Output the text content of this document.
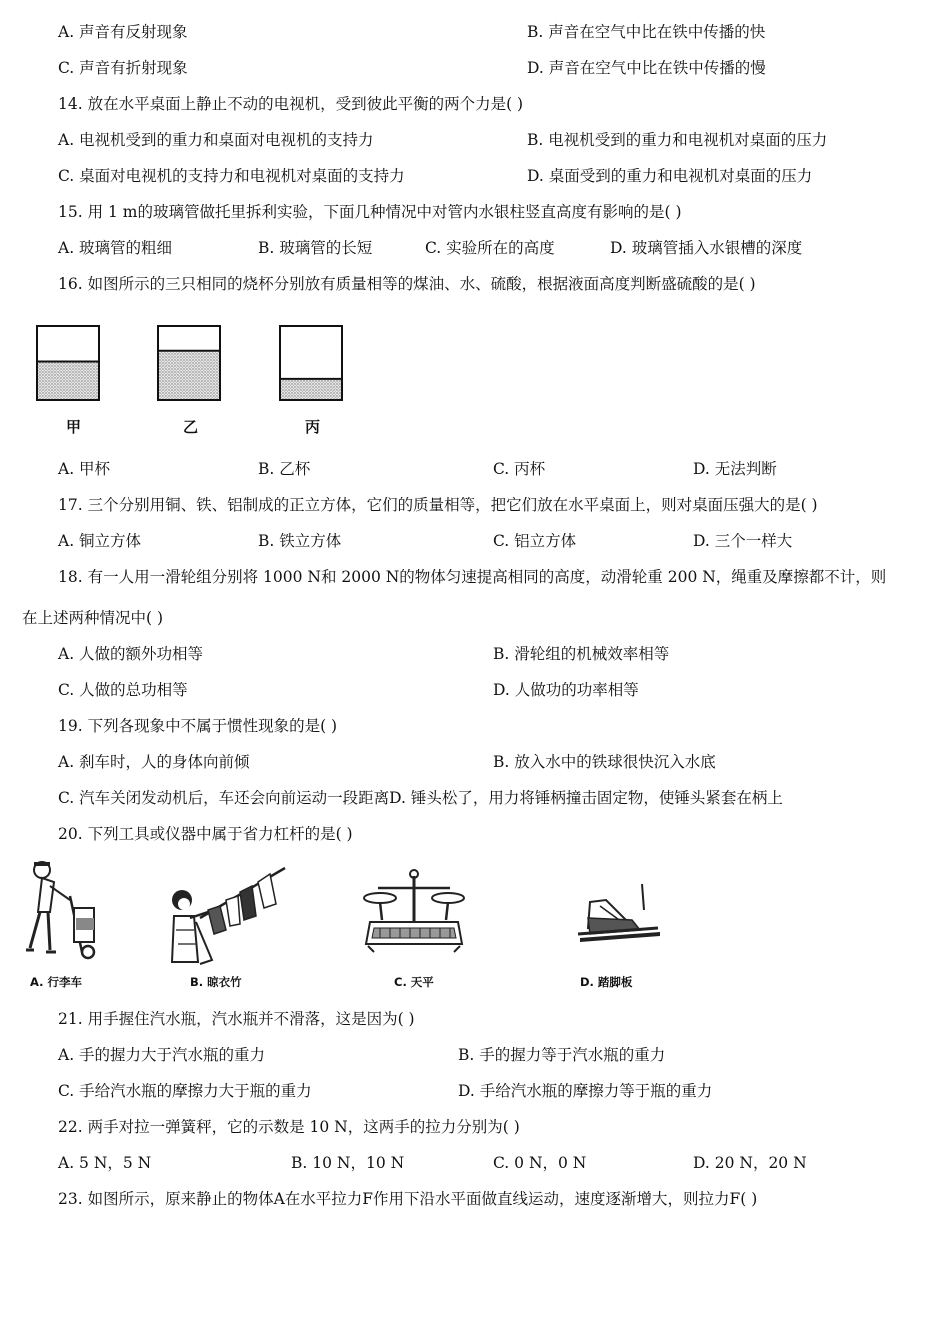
A. 声音有反射现象	B. 声音在空气中比在铁中传播的快
C. 声音有折射现象	D. 声音在空气中比在铁中传播的慢
14. 放在水平桌面上静止不动的电视机，受到彼此平衡的两个力是( )
A. 电视机受到的重力和桌面对电视机的支持力	B. 电视机受到的重力和电视机对桌面的压力
C. 桌面对电视机的支持力和电视机对桌面的支持力	D. 桌面受到的重力和电视机对桌面的压力
15. 用 1 m的玻璃管做托里拆利实验，下面几种情况中对管内水银柱竖直高度有影响的是( )
A. 玻璃管的粗细	B. 玻璃管的长短	C. 实验所在的高度	D. 玻璃管插入水银槽的深度
16. 如图所示的三只相同的烧杯分别放有质量相等的煤油、水、硫酸，根据液面高度判断盛硫酸的是( )
甲	乙	丙
A. 甲杯	B. 乙杯	C. 丙杯	D. 无法判断
17. 三个分别用铜、铁、铝制成的正立方体，它们的质量相等，把它们放在水平桌面上，则对桌面压强大的是( )
A. 铜立方体	B. 铁立方体	C. 铝立方体	D. 三个一样大
18. 有一人用一滑轮组分别将 1000 N和 2000 N的物体匀速提高相同的高度，动滑轮重 200 N，绳重及摩擦都不计，则
在上述两种情况中( )
A. 人做的额外功相等	B. 滑轮组的机械效率相等
C. 人做的总功相等	D. 人做功的功率相等
19. 下列各现象中不属于惯性现象的是( )
A. 刹车时，人的身体向前倾	B. 放入水中的铁球很快沉入水底
C. 汽车关闭发动机后，车还会向前运动一段距离D. 锤头松了，用力将锤柄撞击固定物，使锤头紧套在柄上
20. 下列工具或仪器中属于省力杠杆的是( )
A. 行李车	B. 晾衣竹	C. 天平	D. 踏脚板
21. 用手握住汽水瓶，汽水瓶并不滑落，这是因为( )
A. 手的握力大于汽水瓶的重力	B. 手的握力等于汽水瓶的重力
C. 手给汽水瓶的摩擦力大于瓶的重力	D. 手给汽水瓶的摩擦力等于瓶的重力
22. 两手对拉一弹簧秤，它的示数是 10 N，这两手的拉力分别为( )
A. 5 N，5 N	B. 10 N，10 N	C. 0 N，0 N	D. 20 N，20 N
23. 如图所示，原来静止的物体A在水平拉力F作用下沿水平面做直线运动，速度逐渐增大，则拉力F( )
